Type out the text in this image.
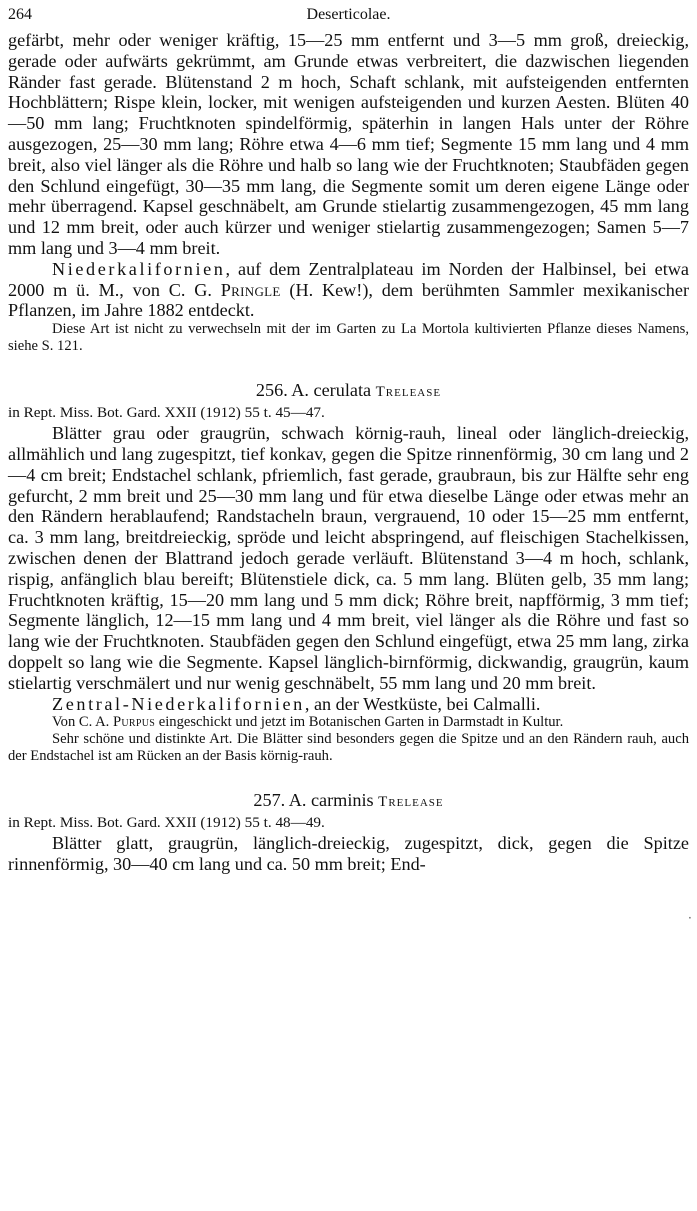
264	Deserticolae.

gefärbt, mehr oder weniger kräftig, 15—25 mm entfernt und 3—5 mm groß, dreieckig, gerade oder aufwärts gekrümmt, am Grunde etwas verbreitert, die dazwischen liegenden Ränder fast gerade. Blütenstand 2 m hoch, Schaft schlank, mit aufsteigenden entfernten Hochblättern; Rispe klein, locker, mit wenigen aufsteigenden und kurzen Aesten. Blüten 40—50 mm lang; Fruchtknoten spindelförmig, späterhin in langen Hals unter der Röhre ausgezogen, 25—30 mm lang; Röhre etwa 4—6 mm tief; Segmente 15 mm lang und 4 mm breit, also viel länger als die Röhre und halb so lang wie der Fruchtknoten; Staubfäden gegen den Schlund eingefügt, 30—35 mm lang, die Segmente somit um deren eigene Länge oder mehr überragend. Kapsel geschnäbelt, am Grunde stielartig zusammengezogen, 45 mm lang und 12 mm breit, oder auch kürzer und weniger stielartig zusammengezogen; Samen 5—7 mm lang und 3—4 mm breit.

Niederkalifornien, auf dem Zentralplateau im Norden der Halbinsel, bei etwa 2000 m ü. M., von C. G. Pringle (H. Kew!), dem berühmten Sammler mexikanischer Pflanzen, im Jahre 1882 entdeckt.

Diese Art ist nicht zu verwechseln mit der im Garten zu La Mortola kultivierten Pflanze dieses Namens, siehe S. 121.

256. A. cerulata Trelease

in Rept. Miss. Bot. Gard. XXII (1912) 55 t. 45—47.

Blätter grau oder graugrün, schwach körnig-rauh, lineal oder länglich-dreieckig, allmählich und lang zugespitzt, tief konkav, gegen die Spitze rinnenförmig, 30 cm lang und 2—4 cm breit; Endstachel schlank, pfriemlich, fast gerade, graubraun, bis zur Hälfte sehr eng gefurcht, 2 mm breit und 25—30 mm lang und für etwa dieselbe Länge oder etwas mehr an den Rändern herablaufend; Randstacheln braun, vergrauend, 10 oder 15—25 mm entfernt, ca. 3 mm lang, breitdreieckig, spröde und leicht abspringend, auf fleischigen Stachelkissen, zwischen denen der Blattrand jedoch gerade verläuft. Blütenstand 3—4 m hoch, schlank, rispig, anfänglich blau bereift; Blütenstiele dick, ca. 5 mm lang. Blüten gelb, 35 mm lang; Fruchtknoten kräftig, 15—20 mm lang und 5 mm dick; Röhre breit, napfförmig, 3 mm tief; Segmente länglich, 12—15 mm lang und 4 mm breit, viel länger als die Röhre und fast so lang wie der Fruchtknoten. Staubfäden gegen den Schlund eingefügt, etwa 25 mm lang, zirka doppelt so lang wie die Segmente. Kapsel länglich-birnförmig, dickwandig, graugrün, kaum stielartig verschmälert und nur wenig geschnäbelt, 55 mm lang und 20 mm breit.

Zentral-Niederkalifornien, an der Westküste, bei Calmalli.

Von C. A. Purpus eingeschickt und jetzt im Botanischen Garten in Darmstadt in Kultur.

Sehr schöne und distinkte Art. Die Blätter sind besonders gegen die Spitze und an den Rändern rauh, auch der Endstachel ist am Rücken an der Basis körnig-rauh.

257. A. carminis Trelease

in Rept. Miss. Bot. Gard. XXII (1912) 55 t. 48—49.

Blätter glatt, graugrün, länglich-dreieckig, zugespitzt, dick, gegen die Spitze rinnenförmig, 30—40 cm lang und ca. 50 mm breit; End-

·
